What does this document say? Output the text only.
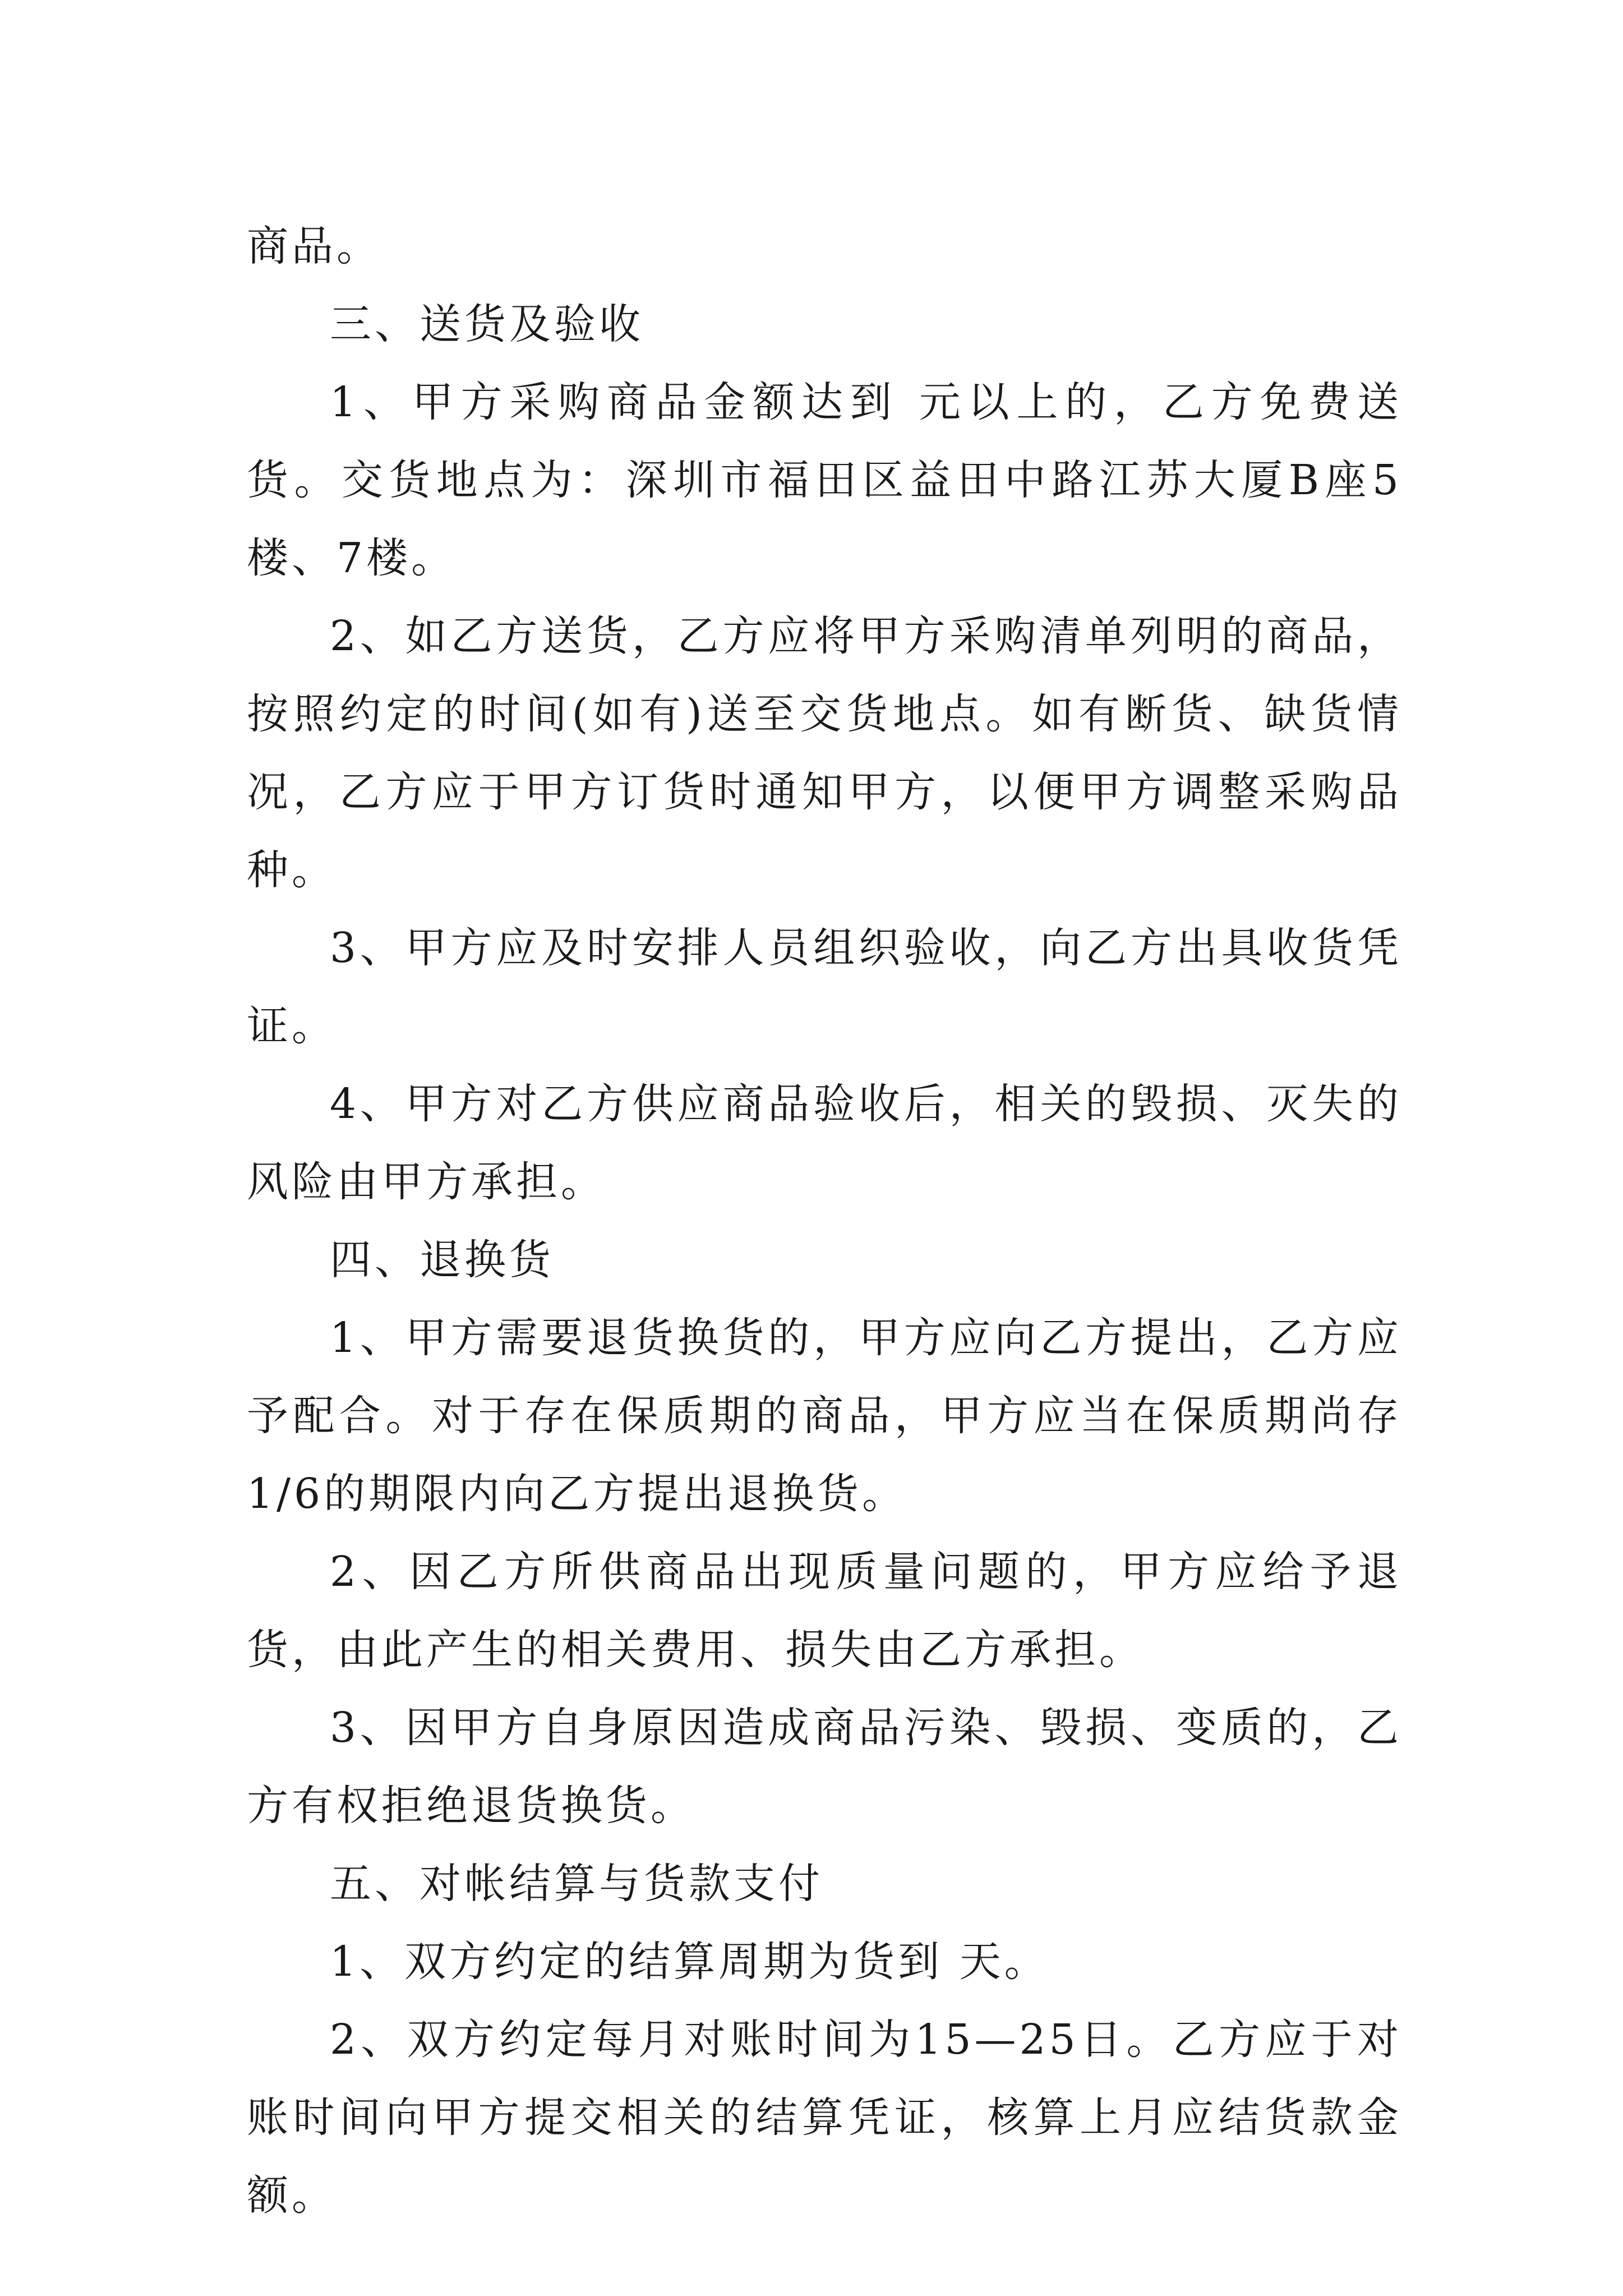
商品。

三、送货及验收

1、甲方采购商品金额达到 元以上的，乙方免费送货。交货地点为：深圳市福田区益田中路江苏大厦B座5楼、7楼。

2、如乙方送货，乙方应将甲方采购清单列明的商品，按照约定的时间(如有)送至交货地点。如有断货、缺货情况，乙方应于甲方订货时通知甲方，以便甲方调整采购品种。

3、甲方应及时安排人员组织验收，向乙方出具收货凭证。

4、甲方对乙方供应商品验收后，相关的毁损、灭失的风险由甲方承担。

四、退换货

1、甲方需要退货换货的，甲方应向乙方提出，乙方应予配合。对于存在保质期的商品，甲方应当在保质期尚存1/6的期限内向乙方提出退换货。

2、因乙方所供商品出现质量问题的，甲方应给予退货，由此产生的相关费用、损失由乙方承担。

3、因甲方自身原因造成商品污染、毁损、变质的，乙方有权拒绝退货换货。

五、对帐结算与货款支付

1、双方约定的结算周期为货到 天。

2、双方约定每月对账时间为15—25日。乙方应于对账时间向甲方提交相关的结算凭证，核算上月应结货款金额。
